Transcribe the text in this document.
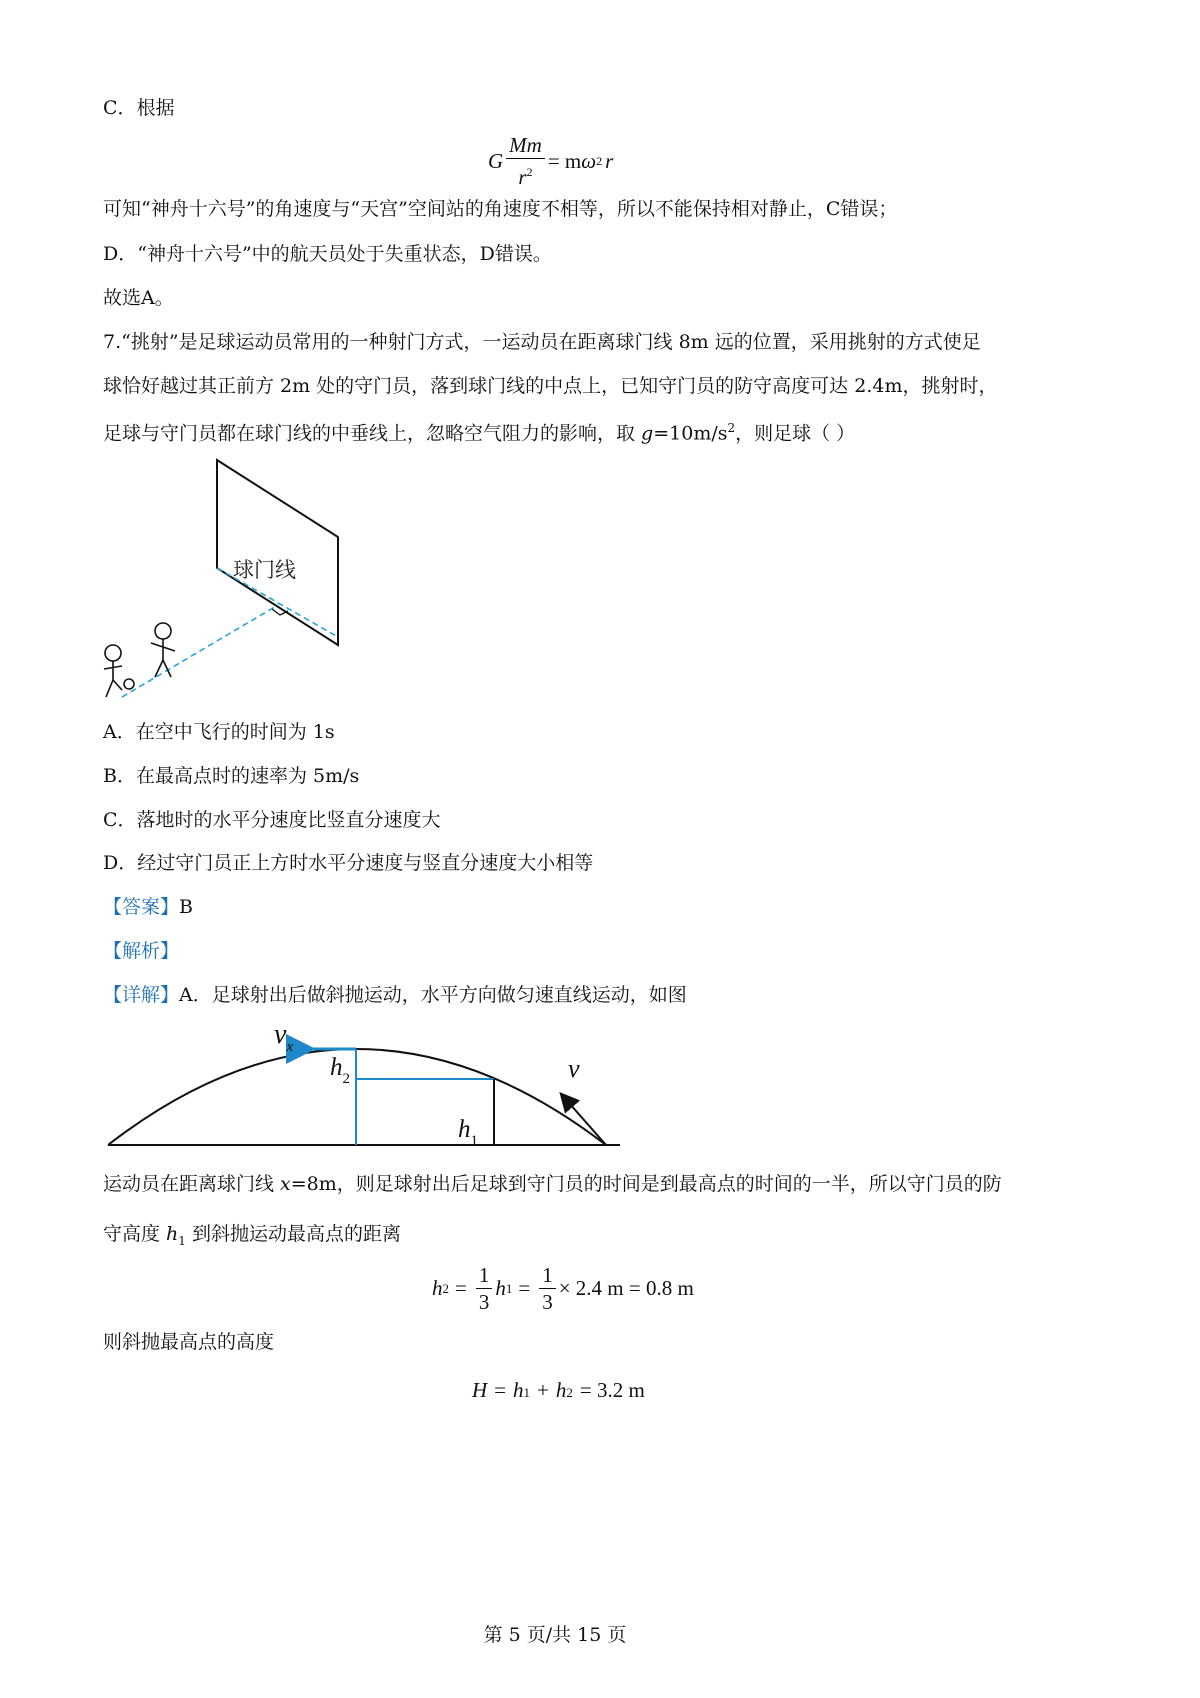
C．根据
G $\frac{Mm}{r^2} = m$ ω 2 r
可知“神舟十六号”的角速度与“天宫”空间站的角速度不相等，所以不能保持相对静止，C错误；
D．“神舟十六号”中的航天员处于失重状态，D错误。
故选A。
7.“挑射”是足球运动员常用的一种射门方式，一运动员在距离球门线 8m 远的位置，采用挑射的方式使足
球恰好越过其正前方 2m 处的守门员，落到球门线的中点上，已知守门员的防守高度可达 2.4m，挑射时，
足球与守门员都在球门线的中垂线上，忽略空气阻力的影响，取 $g=10m/s^2$，则足球（ ）
球门线
A．在空中飞行的时间为 1s
B．在最高点时的速率为 5m/s
C．落地时的水平分速度比竖直分速度大
D．经过守门员正上方时水平分速度与竖直分速度大小相等
【答案】B
【解析】
【详解】A．足球射出后做斜抛运动，水平方向做匀速直线运动，如图
$v_x$
$h_2$
$h_1$
v
运动员在距离球门线 x=8m，则足球射出后足球到守门员的时间是到最高点的时间的一半，所以守门员的防
守高度 $h_1$ 到斜抛运动最高点的距离
h $2 = \frac{1}{3}$ h $1 = \frac{1}{3} \times 2.4$ m = 0.8 m
则斜抛最高点的高度
H = h 1 + h 2 = 3.2 m
第 5 页/共 15 页
